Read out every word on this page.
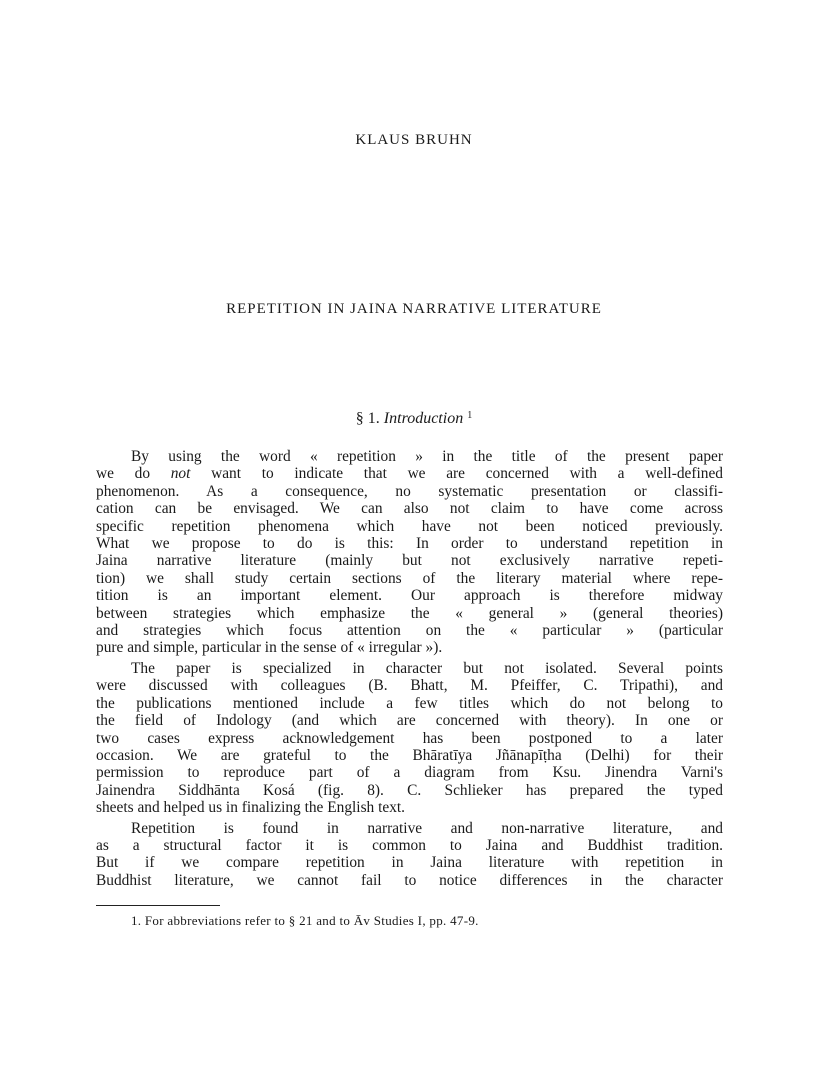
KLAUS BRUHN
REPETITION IN JAINA NARRATIVE LITERATURE
§ 1. Introduction $^1$
By using the word « repetition » in the title of the present paper
we do not want to indicate that we are concerned with a well-defined
phenomenon. As a consequence, no systematic presentation or classifi-
cation can be envisaged. We can also not claim to have come across
specific repetition phenomena which have not been noticed previously.
What we propose to do is this: In order to understand repetition in
Jaina narrative literature (mainly but not exclusively narrative repeti-
tion) we shall study certain sections of the literary material where repe-
tition is an important element. Our approach is therefore midway
between strategies which emphasize the « general » (general theories)
and strategies which focus attention on the « particular » (particular
pure and simple, particular in the sense of « irregular »).
The paper is specialized in character but not isolated. Several points
were discussed with colleagues (B. Bhatt, M. Pfeiffer, C. Tripathi), and
the publications mentioned include a few titles which do not belong to
the field of Indology (and which are concerned with theory). In one or
two cases express acknowledgement has been postponed to a later
occasion. We are grateful to the Bhāratīya Jñānapīṭha (Delhi) for their
permission to reproduce part of a diagram from Ksu. Jinendra Varni's
Jainendra Siddhānta Kosá (fig. 8). C. Schlieker has prepared the typed
sheets and helped us in finalizing the English text.
Repetition is found in narrative and non-narrative literature, and
as a structural factor it is common to Jaina and Buddhist tradition.
But if we compare repetition in Jaina literature with repetition in
Buddhist literature, we cannot fail to notice differences in the character
1. For abbreviations refer to § 21 and to Āv Studies I, pp. 47-9.
